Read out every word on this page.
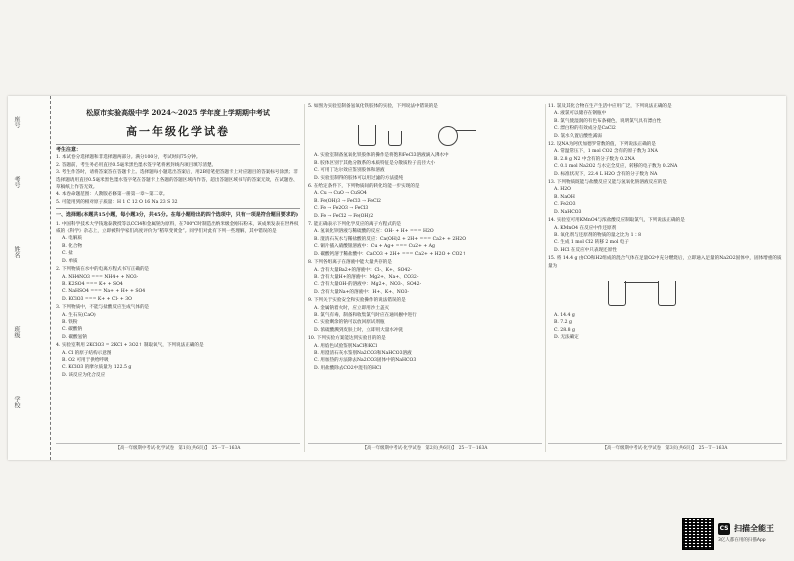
座号
考号
姓名
班级
学校
松原市实验高级中学 2024～2025 学年度上学期期中考试
高一年级化学试卷
考生注意：
1. 本试卷分选择题和非选择题两部分。满分100分，考试时间75分钟。
2. 答题前，考生务必用直径0.5毫米黑色墨水签字笔将密封线内项目填写清楚。
3. 考生作答时，请将答案答在答题卡上。选择题每小题选出答案后，用2B铅笔把答题卡上对应题目的答案标号涂黑；非选择题请用直径0.5毫米黑色墨水签字笔在答题卡上各题的答题区域内作答，超出答题区域书写的答案无效，在试题卷、草稿纸上作答无效。
4. 本卷命题范围：人教版必修第一册第一章～第二章。
5. 可能用到的相对原子质量：H 1 C 12 O 16 Na 23 S 32
一、选择题(本题共15小题，每小题3分，共45分。在每小题给出的四个选项中，只有一项是符合题目要求的)
1. 中国科学技术大学钱逸泰教授等以CCl4和金属钠为原料，在700℃时制造出纳米级金刚石粉末，该成果发表在世界权威的《科学》杂志上，立即被科学家们高度评价为“稻草变黄金”。同学们对此有下列一些理解，其中错误的是
A. 电解质
B. 化合物
C. 盐
D. 单质
2. 下列物质在水中的电离方程式书写正确的是
A. NH4NO3 === NH4+ + NO3-
B. K2SO4 === K+ + SO4
C. NaHSO4 === Na+ + H+ + SO4
D. KClO3 === K+ + Cl- + 3O
3. 下列物质中，不能与盐酸反应生成气体的是
A. 生石灰(CaO)
B. 铁粉
C. 碳酸钠
D. 碳酸氢钠
4. 实验室利用 2KClO3 = 2KCl + 3O2↑ 制取氧气，下列说法正确的是
A. Cl 的原子结构示意图
B. O2 可用于供给呼吸
C. KClO3 的摩尔质量为 122.5 g
D. 该反应为化合反应
【高一年级期中考试·化学试卷　第1页(共6页)】　25－T－163A
5. 如图为实验室制备氢氧化铁胶体的实验，下列说法中错误的是
A. 实验室制备氢氧化铁胶体的操作是将饱和FeCl3溶液滴入沸水中
B. 胶体区别于其他分散系的本质特征是分散质粒子直径大小
C. 可用丁达尔效应鉴别胶体和溶液
D. 实验室制得的胶体可以用过滤的方法提纯
6. 在给定条件下，下列物质间的转化均能一步实现的是
A. Cu → CuO → CuSO4
B. Fe(OH)3 → FeCl3 → FeCl2
C. Fe → Fe2O3 → FeCl3
D. Fe → FeCl2 → Fe(OH)2
7. 能正确表示下列化学反应的离子方程式的是
A. 氢氧化钡溶液与稀硫酸的反应：OH- + H+ === H2O
B. 澄清石灰水与稀盐酸的反应：Ca(OH)2 + 2H+ === Ca2+ + 2H2O
C. 铜片插入硝酸银溶液中：Cu + Ag+ === Cu2+ + Ag
D. 碳酸钙溶于稀盐酸中：CaCO3 + 2H+ === Ca2+ + H2O + CO2↑
8. 下列各组离子在溶液中能大量共存的是
A. 含有大量Ba2+的溶液中：Cl-、K+、SO42-
B. 含有大量H+的溶液中：Mg2+、Na+、CO32-
C. 含有大量OH-的溶液中：Mg2+、NO3-、SO42-
D. 含有大量Na+的溶液中：H+、K+、NO3-
9. 下列关于实验安全和实验操作的说法错误的是
A. 金属钠着火时，应立即用沙土盖灭
B. 氯气有毒，制备和收集氯气时应在通风橱中进行
C. 实验剩余的钠可以放回原试剂瓶
D. 浓硫酸溅到皮肤上时，立即用大量水冲洗
10. 下列实验方案能达到实验目的的是
A. 用焰色试验鉴别NaCl和KCl
B. 用澄清石灰水鉴别Na2CO3和NaHCO3溶液
C. 用加热的方法除去Na2CO3固体中的NaHCO3
D. 用盐酸除去CO2中混有的HCl
【高一年级期中考试·化学试卷　第2页(共6页)】　25－T－163A
11. 氯及其化合物在生产生活中应用广泛，下列说法正确的是
A. 液氯可以储存在钢瓶中
B. 氯气使湿润的有色布条褪色，说明氯气具有漂白性
C. 漂白粉的有效成分是CaCl2
D. 氯水久置后酸性减弱
12. 设NA为阿伏加德罗常数的值，下列说法正确的是
A. 常温常压下，1 mol CO2 含有的原子数为 3NA
B. 2.8 g N2 中含有的分子数为 0.2NA
C. 0.1 mol Na2O2 与水完全反应，转移的电子数为 0.2NA
D. 标准状况下，22.4 L H2O 含有的分子数为 NA
13. 下列物质既能与盐酸反应又能与氢氧化钠溶液反应的是
A. H2O
B. NaOH
C. Fe2O3
D. NaHCO3
14. 实验室可用KMnO4与浓盐酸反应制取氯气，下列说法正确的是
A. KMnO4 在反应中作还原剂
B. 氧化剂与还原剂的物质的量之比为 1∶8
C. 生成 1 mol Cl2 转移 2 mol 电子
D. HCl 在反应中只表现还原性
15. 将 14.4 g 由CO和H2组成的混合气体在足量O2中充分燃烧后，立即通入足量的Na2O2固体中，固体增重的质量为
A. 14.4 g
B. 7.2 g
C. 28.8 g
D. 无法确定
【高一年级期中考试·化学试卷　第3页(共6页)】　25－T－163A
CS 扫描全能王
3亿人都在用的扫描App
